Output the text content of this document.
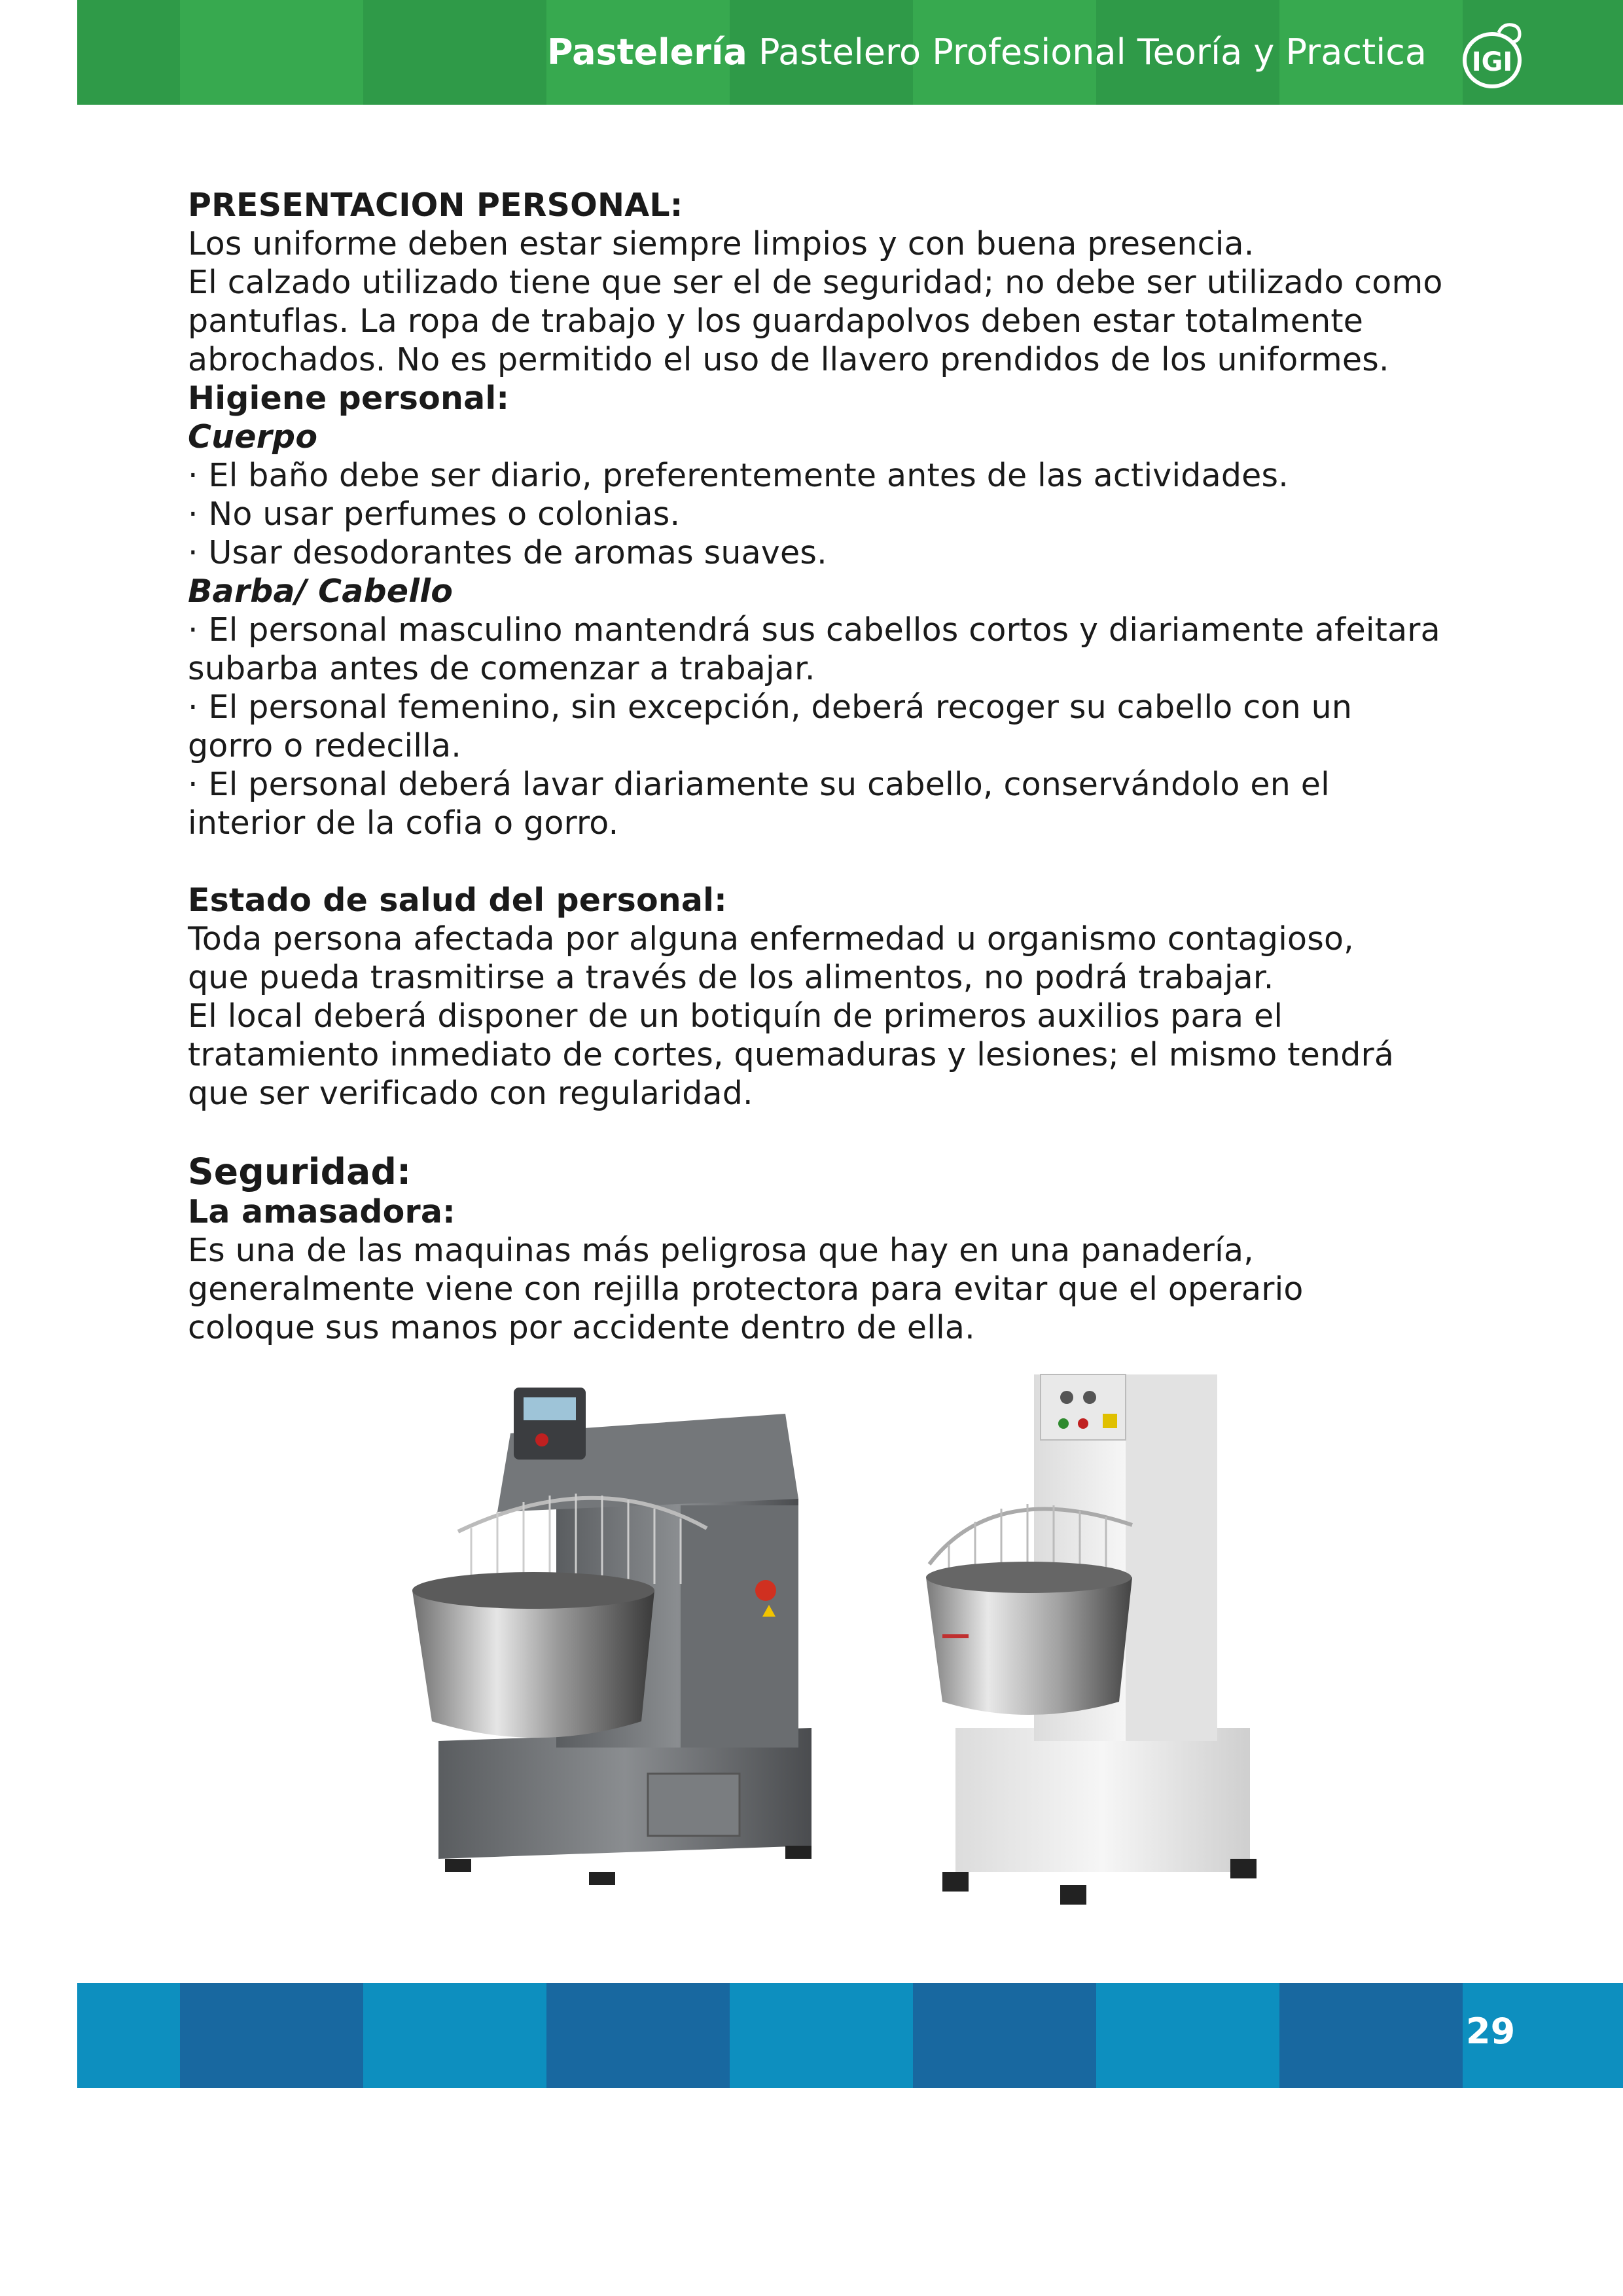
Pastelería Pastelero Profesional Teoría y Practica IGI

PRESENTACION PERSONAL:

Los uniforme deben estar siempre limpios y con buena presencia.

El calzado utilizado tiene que ser el de seguridad; no debe ser utilizado como

pantuflas. La ropa de trabajo y los guardapolvos deben estar totalmente

abrochados. No es permitido el uso de llavero prendidos de los uniformes.

Higiene personal:

Cuerpo

· El baño debe ser diario, preferentemente antes de las actividades.

· No usar perfumes o colonias.

· Usar desodorantes de aromas suaves.

Barba/ Cabello

· El personal masculino mantendrá sus cabellos cortos y diariamente afeitara

subarba antes de comenzar a trabajar.

· El personal femenino, sin excepción, deberá recoger su cabello con un

gorro o redecilla.

· El personal deberá lavar diariamente su cabello, conservándolo en el

interior de la cofia o gorro.

Estado de salud del personal:

Toda persona afectada por alguna enfermedad u organismo contagioso,

que pueda trasmitirse a través de los alimentos, no podrá trabajar.

El local deberá disponer de un botiquín de primeros auxilios para el

tratamiento inmediato de cortes, quemaduras y lesiones; el mismo tendrá

que ser verificado con regularidad.

Seguridad:

La amasadora:

Es una de las maquinas más peligrosa que hay en una panadería,

generalmente viene con rejilla protectora para evitar que el operario

coloque sus manos por accidente dentro de ella.

29
